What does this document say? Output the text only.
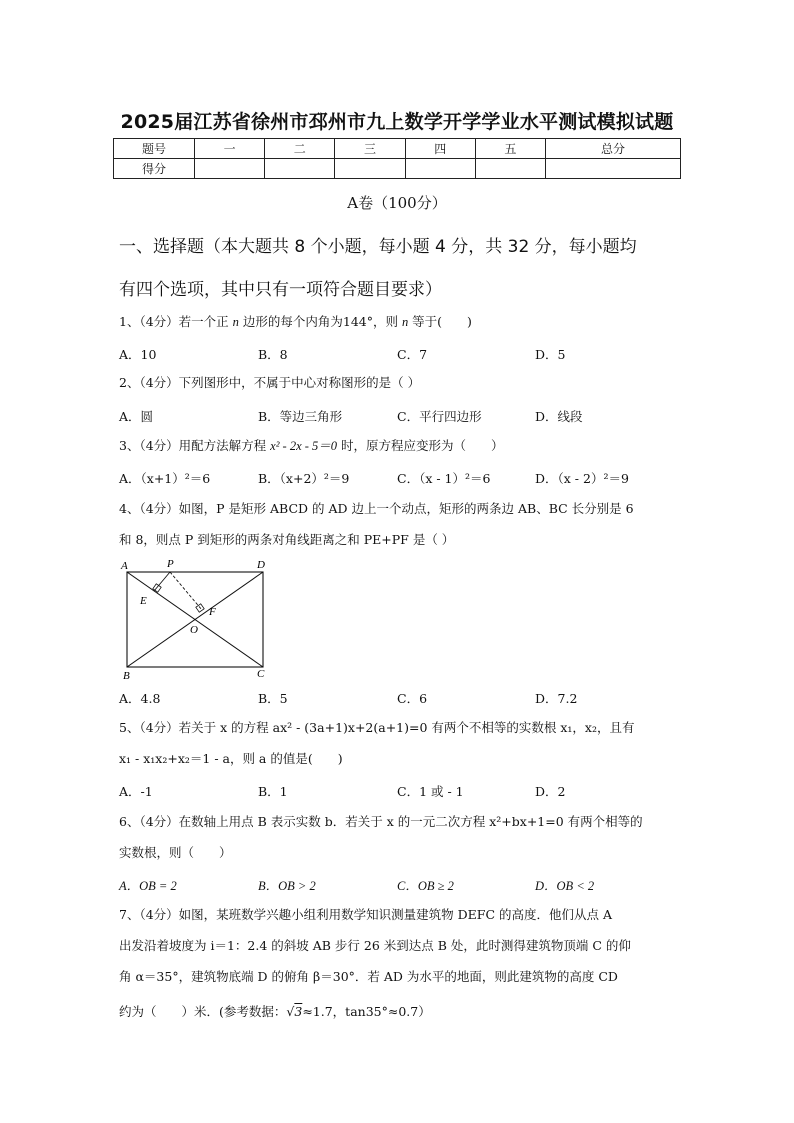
2025届江苏省徐州市邳州市九上数学开学学业水平测试模拟试题
题号	一	二	三	四	五	总分
得分						
A卷（100分）
一、选择题（本大题共 8 个小题，每小题 4 分，共 32 分，每小题均
有四个选项，其中只有一项符合题目要求）
1、（4分）若一个正 n 边形的每个内角为144°，则 n 等于(　　)
A．10	B．8	C．7	D．5
2、（4分）下列图形中，不属于中心对称图形的是（ ）
A．圆	B．等边三角形	C．平行四边形	D．线段
3、（4分）用配方法解方程 x² - 2x - 5＝0 时，原方程应变形为（　　）
A．（x+1）²＝6	B．（x+2）²＝9	C．（x - 1）²＝6	D．（x - 2）²＝9
4、（4分）如图，P 是矩形 ABCD 的 AD 边上一个动点，矩形的两条边 AB、BC 长分别是 6
和 8，则点 P 到矩形的两条对角线距离之和 PE+PF 是（ ）
A	P	D
E
F
O
B	C
A．4.8	B．5	C．6	D．7.2
5、（4分）若关于 x 的方程 ax² - (3a+1)x+2(a+1)=0 有两个不相等的实数根 x₁，x₂，且有
x₁ - x₁x₂+x₂＝1 - a，则 a 的值是(　　)
A．-1	B．1	C．1 或 - 1	D．2
6、（4分）在数轴上用点 B 表示实数 b．若关于 x 的一元二次方程 x²+bx+1=0 有两个相等的
实数根，则（　　）
A．OB = 2	B．OB > 2	C．OB ≥ 2	D．OB < 2
7、（4分）如图，某班数学兴趣小组利用数学知识测量建筑物 DEFC 的高度．他们从点 A
出发沿着坡度为 i＝1：2.4 的斜坡 AB 步行 26 米到达点 B 处，此时测得建筑物顶端 C 的仰
角 α＝35°，建筑物底端 D 的俯角 β＝30°．若 AD 为水平的地面，则此建筑物的高度 CD
约为（　　）米．(参考数据：√3≈1.7，tan35°≈0.7）
